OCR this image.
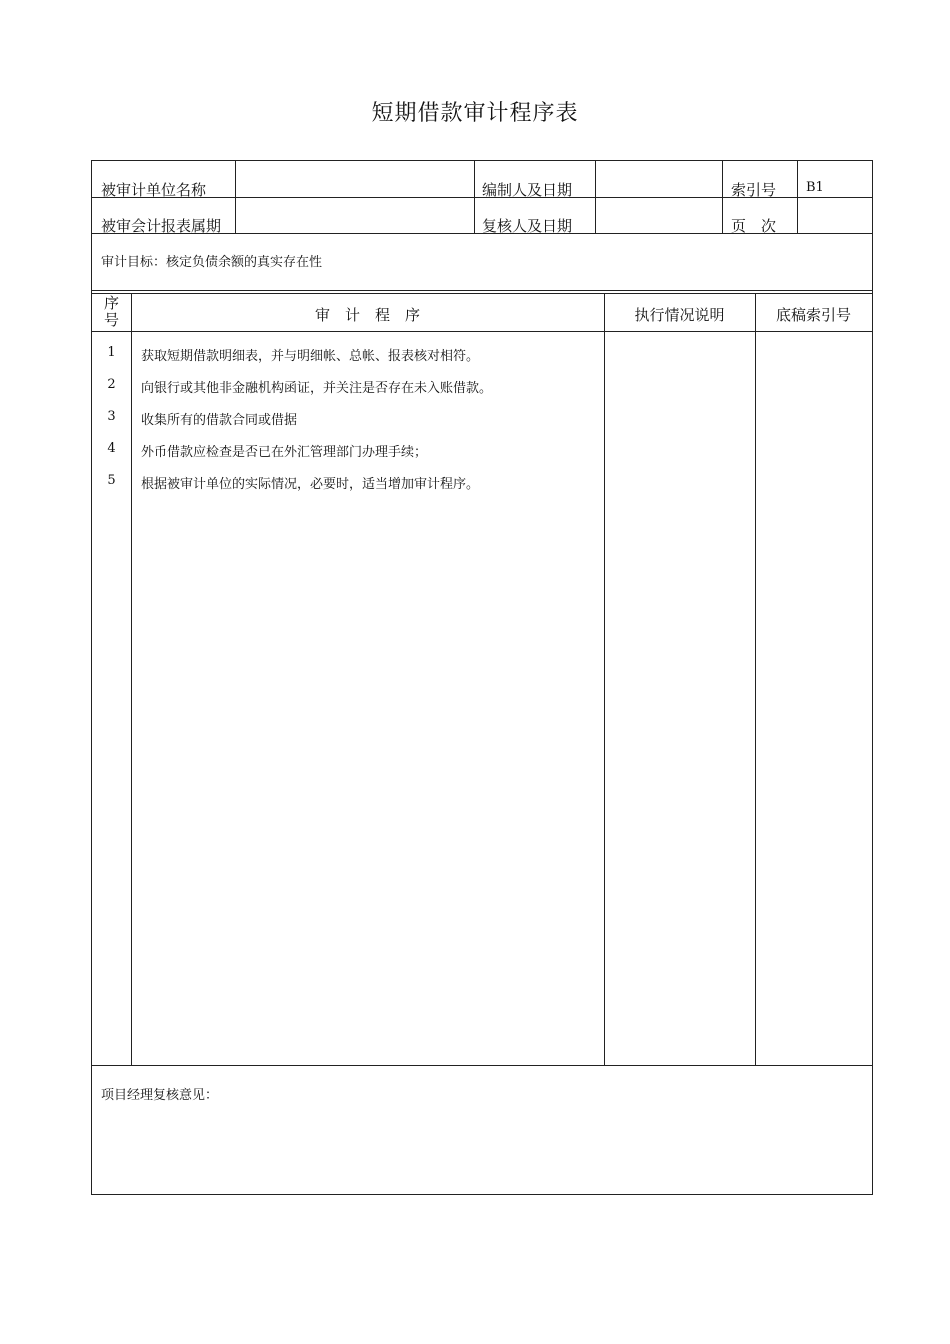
短期借款审计程序表
被审计单位名称	编制人及日期	索引号 B1
被审会计报表属期	复核人及日期	页　次
审计目标：核定负债余额的真实存在性
序
号	审　计　程　序	执行情况说明	底稿索引号
1	获取短期借款明细表，并与明细帐、总帐、报表核对相符。
2	向银行或其他非金融机构函证，并关注是否存在未入账借款。
3	收集所有的借款合同或借据
4	外币借款应检查是否已在外汇管理部门办理手续；
5	根据被审计单位的实际情况，必要时，适当增加审计程序。
项目经理复核意见：
